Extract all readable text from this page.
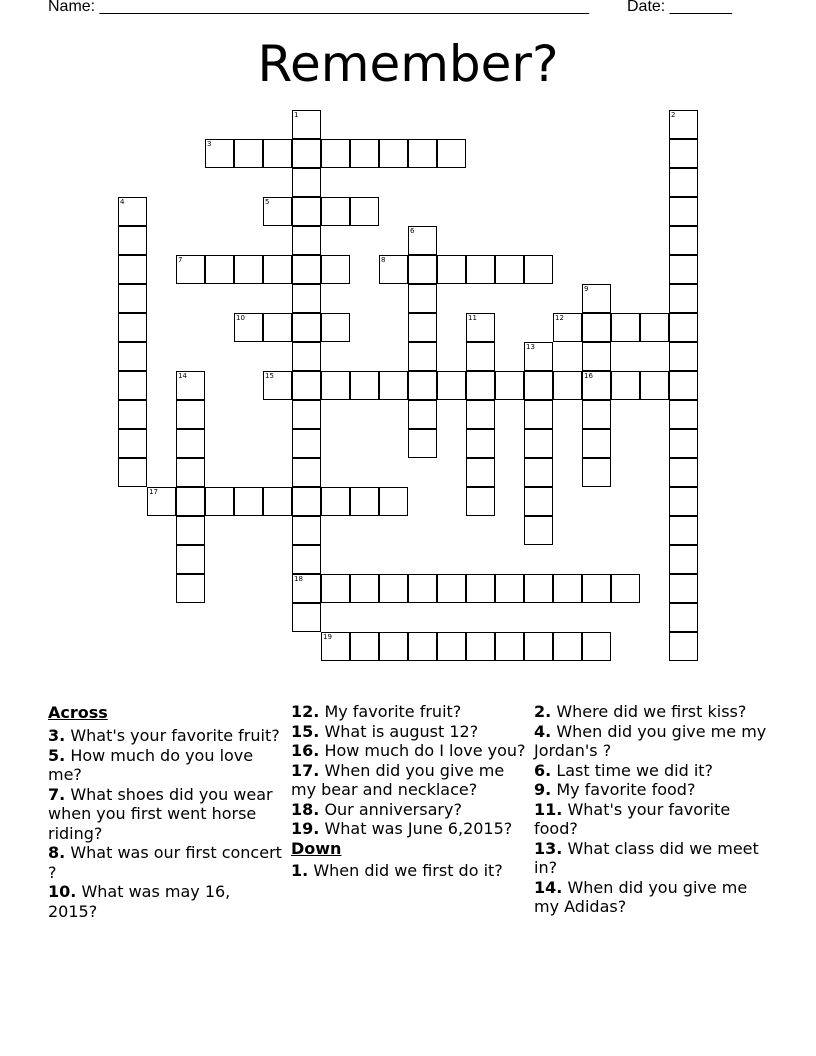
Name: _______________________________________________________ Date: _______
Remember?
1	2
3
4	5
6
7	8
9
10	11	12
13
14	15	16
17
18
19

Across

3. What's your favorite fruit?

5. How much do you love me?

7. What shoes did you wear when you first went horse riding?

8. What was our first concert ?

10. What was may 16, 2015?

12. My favorite fruit?

15. What is august 12?

16. How much do I love you?

17. When did you give me my bear and necklace?

18. Our anniversary?

19. What was June 6,2015?

Down

1. When did we first do it?

2. Where did we first kiss?

4. When did you give me my Jordan's ?

6. Last time we did it?

9. My favorite food?

11. What's your favorite food?

13. What class did we meet in?

14. When did you give me my Adidas?
